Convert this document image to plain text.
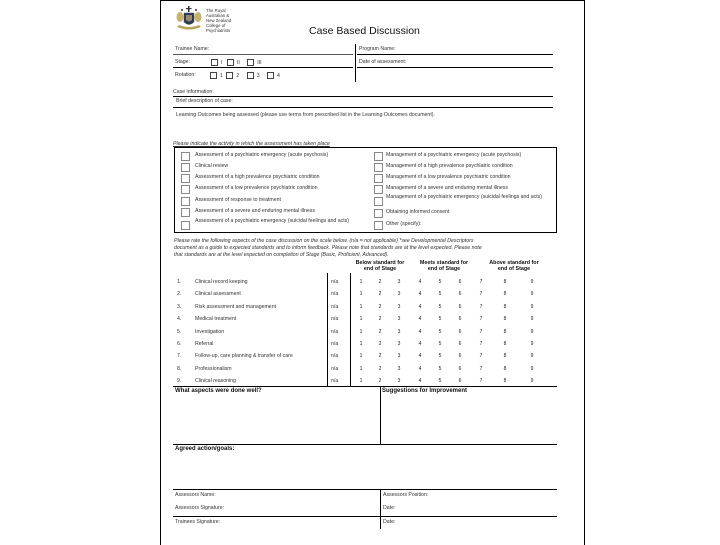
The Royal
Australian &
New Zealand
College of
Psychiatrists	Case Based Discussion
Trainee Name:	Program Name:
Stage:	I	II	III	Date of assessment:
Rotation:	1	2	3	4
Case information:
Brief description of case:
Learning Outcomes being assessed (please use terms from prescribed list in the Learning Outcomes document).
Please indicate the activity in which the assessment has taken place
Assessment of a psychiatric emergency (acute psychosis)
Clinical review
Assessment of a high prevalence psychiatric condition
Assessment of a low prevalence psychiatric condition
Assessment of response to treatment
Assessment of a severe and enduring mental illness
Assessment of a psychiatric emergency (suicidal feelings and acts)
Management of a psychiatric emergency (acute psychosis)
Management of a high prevalence psychiatric condition
Management of a low prevalence psychiatric condition
Management of a severe and enduring mental illness
Management of a psychiatric emergency (suicidal feelings and acts)
Obtaining informed consent
Other (specify):
Please rate the following aspects of the case discussion on the scale below. (n/a = not applicable) *see Developmental Descriptors
document as a guide to expected standards and to inform feedback. Please note that standards are at the level expected. Please note
that standards are at the level expected on completion of Stage (Basic, Proficient, Advanced).
Below standard for
end of Stage
Meets standard for
end of Stage
Above standard for
end of Stage
1.	Clinical record keeping	n/a	1	2	3	4	5	6	7	8	9
2.	Clinical assessment	n/a	1	2	3	4	5	6	7	8	9
3.	Risk assessment and management	n/a	1	2	3	4	5	6	7	8	9
4.	Medical treatment	n/a	1	2	3	4	5	6	7	8	9
5.	Investigation	n/a	1	2	3	4	5	6	7	8	9
6.	Referral	n/a	1	2	3	4	5	6	7	8	9
7.	Follow-up, care planning & transfer of care	n/a	1	2	3	4	5	6	7	8	9
8.	Professionalism	n/a	1	2	3	4	5	6	7	8	9
9.	Clinical reasoning	n/a	1	2	3	4	5	6	7	8	9
What aspects were done well?	Suggestions for Improvement
Agreed action/goals:
Assessors Name:	Assessors Position:
Assessors Signature:	Date:
Trainees Signature:	Date:
